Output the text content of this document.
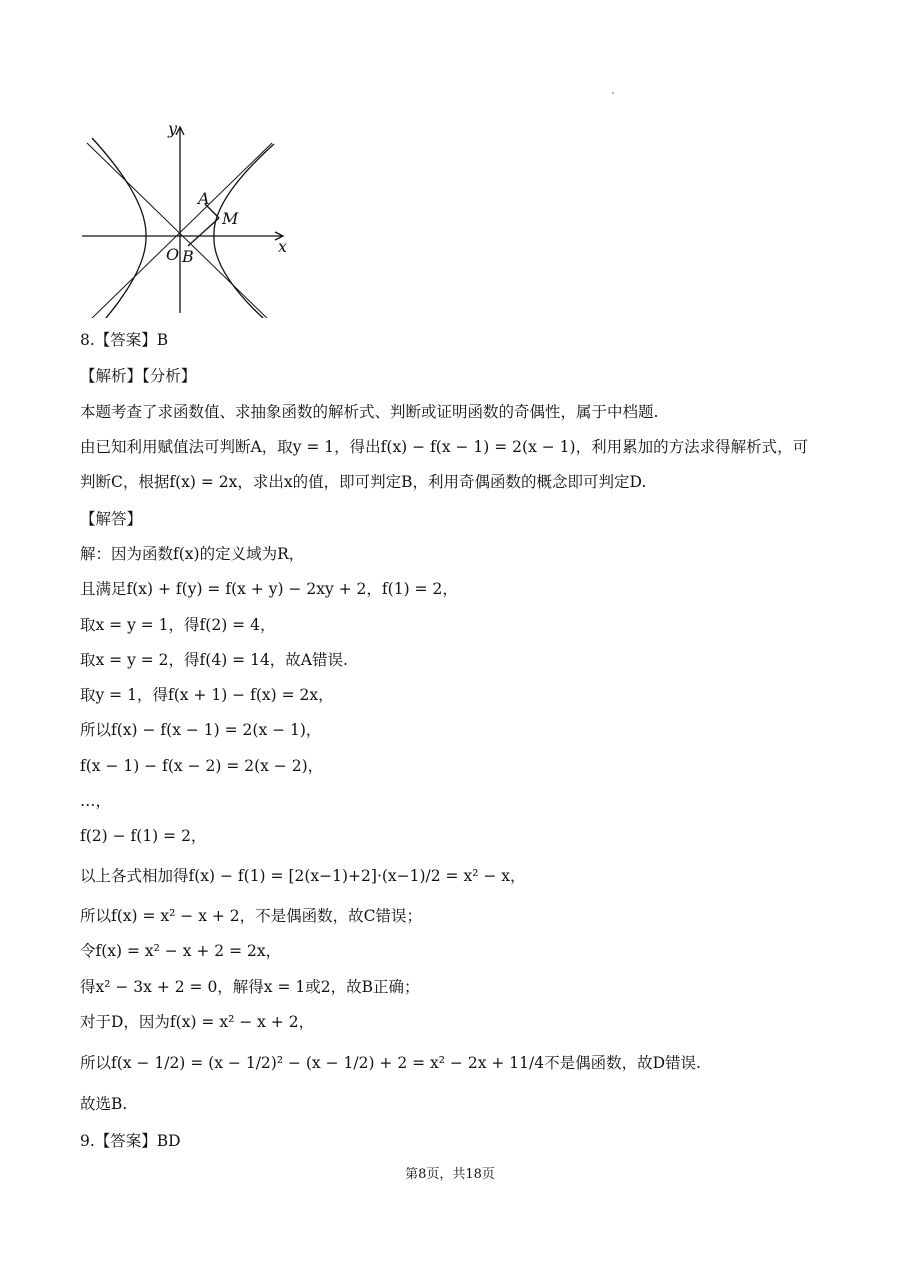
y
x
A
M
O B
8.【答案】B
【解析】【分析】
本题考查了求函数值、求抽象函数的解析式、判断或证明函数的奇偶性，属于中档题.
由已知利用赋值法可判断A，取y = 1，得出f(x) − f(x − 1) = 2(x − 1)，利用累加的方法求得解析式，可
判断C，根据f(x) = 2x，求出x的值，即可判定B，利用奇偶函数的概念即可判定D.
【解答】
解：因为函数f(x)的定义域为R，
且满足f(x) + f(y) = f(x + y) − 2xy + 2，f(1) = 2，
取x = y = 1，得f(2) = 4，
取x = y = 2，得f(4) = 14，故A错误.
取y = 1，得f(x + 1) − f(x) = 2x，
所以f(x) − f(x − 1) = 2(x − 1)，
f(x − 1) − f(x − 2) = 2(x − 2)，
…，
f(2) − f(1) = 2，
以上各式相加得f(x) − f(1) = [2(x−1)+2]·(x−1)/2 = x² − x，
所以f(x) = x² − x + 2，不是偶函数，故C错误；
令f(x) = x² − x + 2 = 2x，
得x² − 3x + 2 = 0，解得x = 1或2，故B正确；
对于D，因为f(x) = x² − x + 2，
所以f(x − 1/2) = (x − 1/2)² − (x − 1/2) + 2 = x² − 2x + 11/4不是偶函数，故D错误.
故选B.
9.【答案】BD
第8页，共18页
